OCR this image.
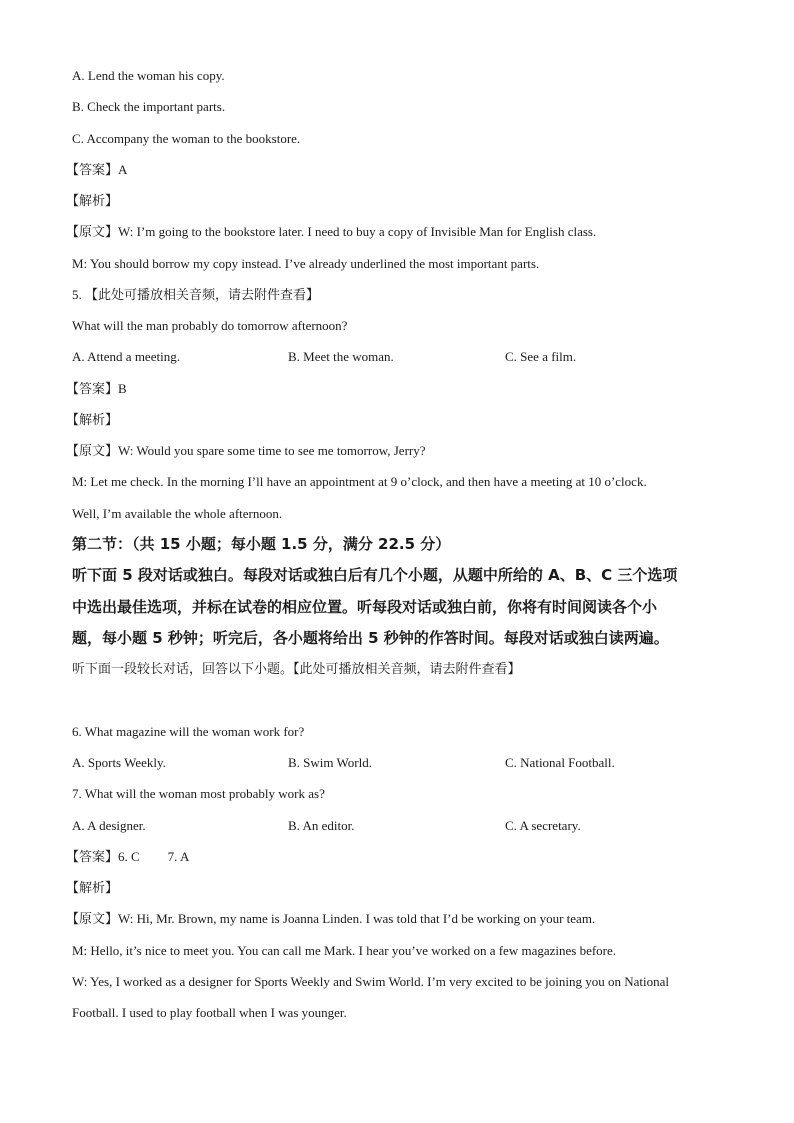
A. Lend the woman his copy.
B. Check the important parts.
C. Accompany the woman to the bookstore.
【答案】A
【解析】
【原文】W: I’m going to the bookstore later. I need to buy a copy of Invisible Man for English class.
M: You should borrow my copy instead. I’ve already underlined the most important parts.
5. 【此处可播放相关音频，请去附件查看】
What will the man probably do tomorrow afternoon?
A. Attend a meeting.	B. Meet the woman.	C. See a film.
【答案】B
【解析】
【原文】W: Would you spare some time to see me tomorrow, Jerry?
M: Let me check. In the morning I’ll have an appointment at 9 o’clock, and then have a meeting at 10 o’clock.
Well, I’m available the whole afternoon.
第二节：（共 15 小题；每小题 1.5 分，满分 22.5 分）
听下面 5 段对话或独白。每段对话或独白后有几个小题，从题中所给的 A、B、C 三个选项
中选出最佳选项，并标在试卷的相应位置。听每段对话或独白前，你将有时间阅读各个小
题，每小题 5 秒钟；听完后，各小题将给出 5 秒钟的作答时间。每段对话或独白读两遍。
听下面一段较长对话，回答以下小题。【此处可播放相关音频，请去附件查看】
6. What magazine will the woman work for?
A. Sports Weekly.	B. Swim World.	C. National Football.
7. What will the woman most probably work as?
A. A designer.	B. An editor.	C. A secretary.
【答案】6. C 7. A
【解析】
【原文】W: Hi, Mr. Brown, my name is Joanna Linden. I was told that I’d be working on your team.
M: Hello, it’s nice to meet you. You can call me Mark. I hear you’ve worked on a few magazines before.
W: Yes, I worked as a designer for Sports Weekly and Swim World. I’m very excited to be joining you on National
Football. I used to play football when I was younger.
